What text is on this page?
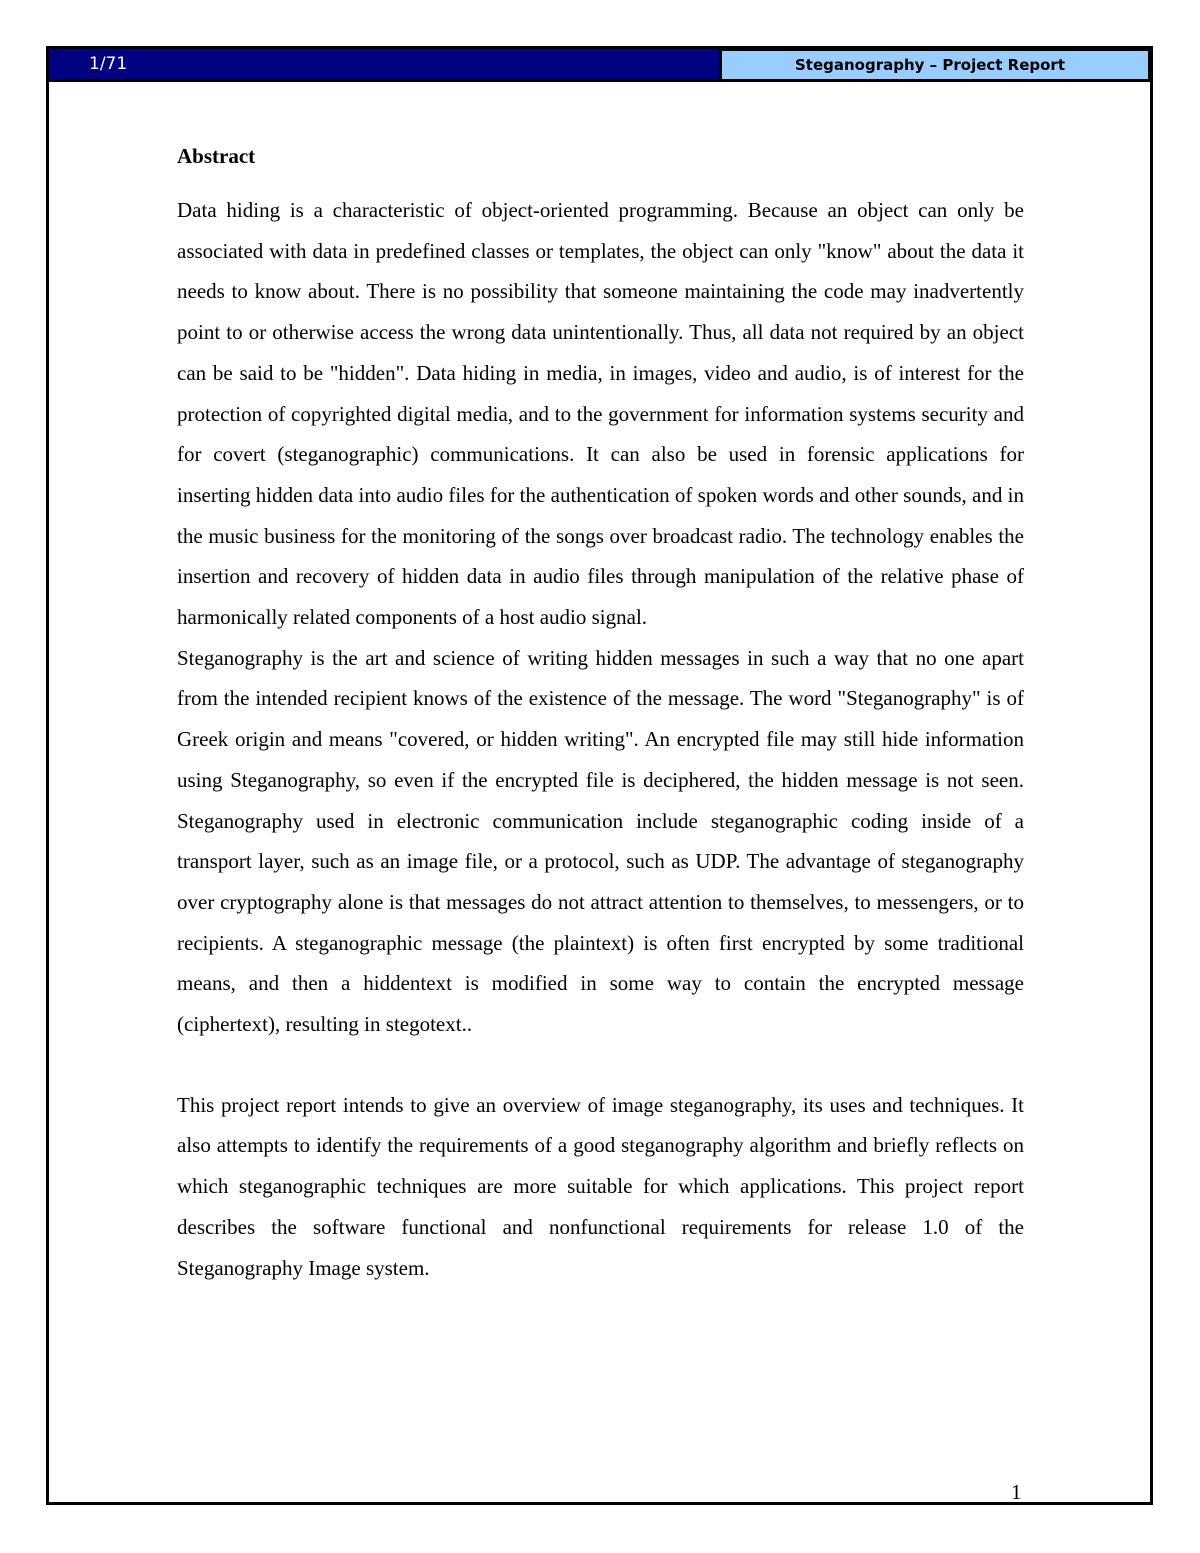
1/71	Steganography – Project Report
Abstract

Data hiding is a characteristic of object-oriented programming. Because an object can only be associated with data in predefined classes or templates, the object can only "know" about the data it needs to know about. There is no possibility that someone maintaining the code may inadvertently point to or otherwise access the wrong data unintentionally. Thus, all data not required by an object can be said to be "hidden". Data hiding in media, in images, video and audio, is of interest for the protection of copyrighted digital media, and to the government for information systems security and for covert (steganographic) communications. It can also be used in forensic applications for inserting hidden data into audio files for the authentication of spoken words and other sounds, and in the music business for the monitoring of the songs over broadcast radio. The technology enables the insertion and recovery of hidden data in audio files through manipulation of the relative phase of harmonically related components of a host audio signal.

Steganography is the art and science of writing hidden messages in such a way that no one apart from the intended recipient knows of the existence of the message. The word "Steganography" is of Greek origin and means "covered, or hidden writing". An encrypted file may still hide information using Steganography, so even if the encrypted file is deciphered, the hidden message is not seen. Steganography used in electronic communication include steganographic coding inside of a transport layer, such as an image file, or a protocol, such as UDP. The advantage of steganography over cryptography alone is that messages do not attract attention to themselves, to messengers, or to recipients. A steganographic message (the plaintext) is often first encrypted by some traditional means, and then a hiddentext is modified in some way to contain the encrypted message (ciphertext), resulting in stegotext..

This project report intends to give an overview of image steganography, its uses and techniques. It also attempts to identify the requirements of a good steganography algorithm and briefly reflects on which steganographic techniques are more suitable for which applications. This project report describes the software functional and nonfunctional requirements for release 1.0 of the Steganography Image system.

1
